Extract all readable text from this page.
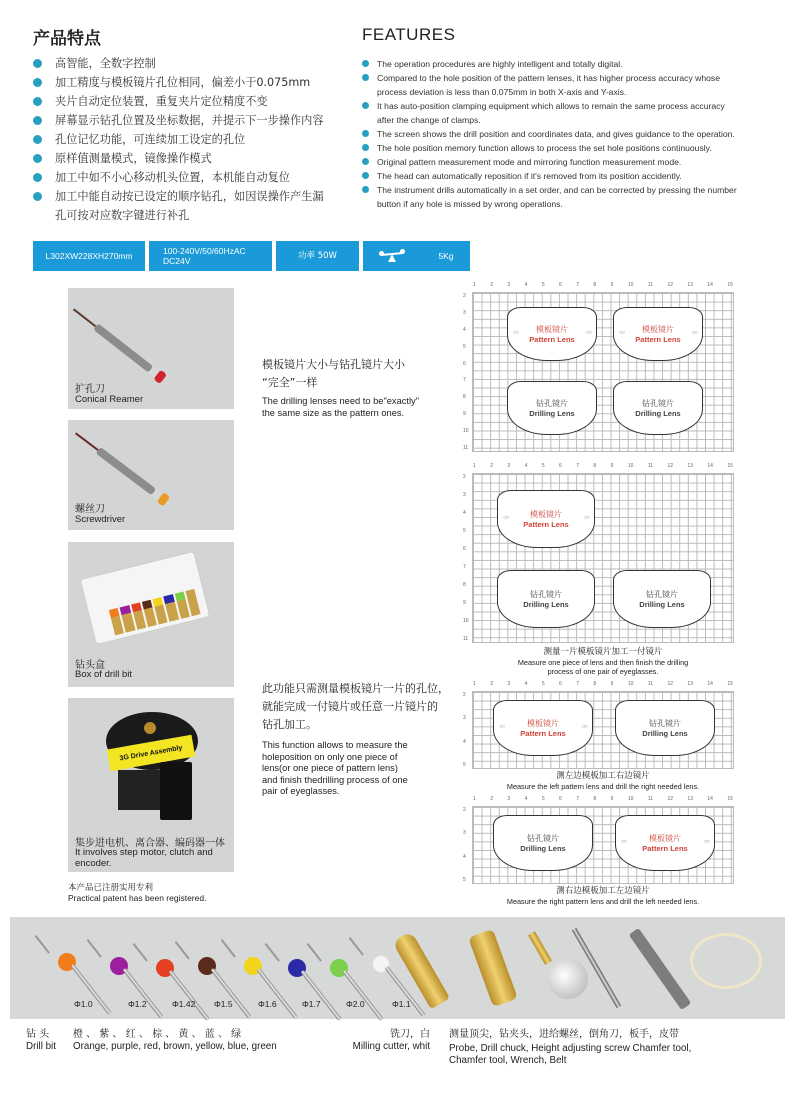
产品特点
高智能，全数字控制
加工精度与模板镜片孔位相同，偏差小于0.075mm
夹片自动定位装置，重复夹片定位精度不变
屏幕显示钻孔位置及坐标数据，并提示下一步操作内容
孔位记忆功能，可连续加工设定的孔位
原样值测量模式，镜像操作模式
加工中如不小心移动机头位置，本机能自动复位
加工中能自动按已设定的顺序钻孔，如因误操作产生漏孔可按对应数字键进行补孔
FEATURES
The operation procedures are highly intelligent and totally digital.
Compared to the hole position of the pattern lenses, it has higher process accuracy whose process deviation is less than 0.075mm in both X-axis and Y-axis.
It has auto-position clamping equipment which allows to remain the same process accuracy after the change of clamps.
The screen shows the drill position and coordinates data, and gives guidance to the operation.
The hole position memory function allows to process the set hole positions continuously.
Original pattern measurement mode and mirroring function measurement mode.
The head can automatically reposition if it's removed from its position accidently.
The instrument drills automatically in a set order, and can be corrected by pressing the number button if any hole is missed by wrong operations.
L302XW228XH270mm	100-240V/50/60HzAC
DC24V	功率 50W	5Kg
扩孔刀
Conical Reamer
螺丝刀
Screwdriver
钻头盒
Box of drill bit
3G Drive Assembly
集步进电机、离合器、编码器一体
It involves step motor, clutch and encoder.
本产品已注册实用专利
Practical patent has been registered.
模板镜片大小与钻孔镜片大小
“完全”一样
The drilling lenses need to be"exactly"
the same size as the pattern ones.
此功能只需测量模板镜片一片的孔位，
就能完成一付镜片或任意一片镜片的
钻孔加工。
This function allows to measure the
holeposition on only one piece of
lens(or one piece of pattern lens)
and finish thedrilling process of one
pair of eyeglasses.
1	2	3	4	5	6	7	8	9	10	11	12	13	14	15
2
3
4
5
6
7
8
9
10
11
○○	○○
模板镜片
Pattern Lens
○○	○○
模板镜片
Pattern Lens
钻孔镜片
Drilling Lens
钻孔镜片
Drilling Lens
1	2	3	4	5	6	7	8	9	10	11	12	13	14	15
2
3
4
5
6
7
8
9
10
11
○○	○○
模板镜片
Pattern Lens
钻孔镜片
Drilling Lens
钻孔镜片
Drilling Lens
测量一片模板镜片加工一付镜片
Measure one piece of lens and then finish the drilling
process of one pair of eyeglasses.
1	2	3	4	5	6	7	8	9	10	11	12	13	14	15
2
3
4
5
○○	○○
模板镜片
Pattern Lens
钻孔镜片
Drilling Lens
测左边模板加工右边镜片
Measure the left pattern lens and drill the right needed lens.
1	2	3	4	5	6	7	8	9	10	11	12	13	14	15
2
3
4
5
钻孔镜片
Drilling Lens
○○	○○
模板镜片
Pattern Lens
测右边模板加工左边镜片
Measure the right pattern lens and drill the left needed lens.
Φ1.0	Φ1.2	Φ1.42 Φ1.5	Φ1.6	Φ1.7	Φ2.0	Φ1.1
钻 头
Drill bit
橙 、 紫 、 红 、 棕 、 黄 、 蓝 、 绿
Orange, purple, red, brown, yellow, blue, green
铣刀，白
Milling cutter, whit
测量顶尖，钻夹头，进给螺丝，倒角刀，板手，皮带
Probe, Drill chuck, Height adjusting screw Chamfer tool,
Chamfer tool, Wrench, Belt
